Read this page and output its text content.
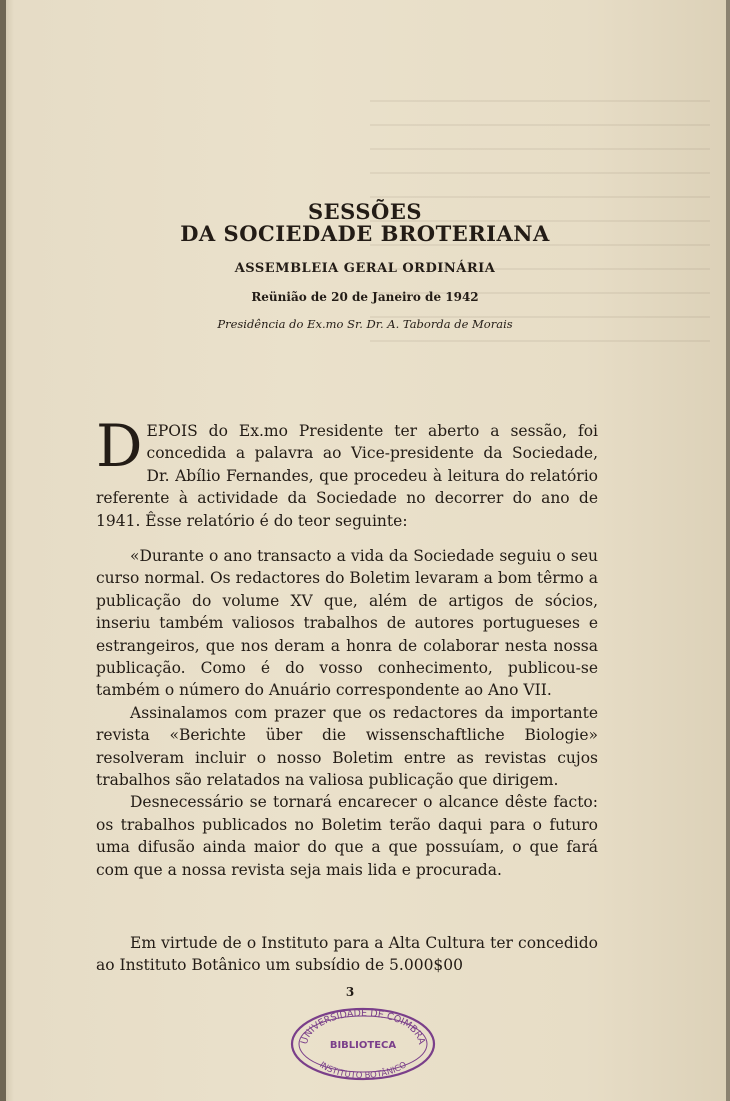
SESSÕES
DA SOCIEDADE BROTERIANA
ASSEMBLEIA GERAL ORDINÁRIA
Reünião de 20 de Janeiro de 1942
Presidência do Ex.mo Sr. Dr. A. Taborda de Morais
D EPOIS do Ex.mo Presidente ter aberto a sessão, foi concedida a palavra ao Vice-presidente da Sociedade, Dr. Abílio Fernandes, que procedeu à leitura do relatório referente à actividade da Sociedade no decorrer do ano de 1941. Êsse relatório é do teor seguinte:

«Durante o ano transacto a vida da Sociedade seguiu o seu curso normal. Os redactores do Boletim levaram a bom têrmo a publicação do volume XV que, além de artigos de sócios, inseriu também valiosos trabalhos de autores portugueses e estrangeiros, que nos deram a honra de colaborar nesta nossa publicação. Como é do vosso conhecimento, publicou-se também o número do Anuário correspondente ao Ano VII.

Assinalamos com prazer que os redactores da importante revista «Berichte über die wissenschaftliche Biologie» resolveram incluir o nosso Boletim entre as revistas cujos trabalhos são relatados na valiosa publicação que dirigem.

Desnecessário se tornará encarecer o alcance dêste facto: os trabalhos publicados no Boletim terão daqui para o futuro uma difusão ainda maior do que a que possuíam, o que fará com que a nossa revista seja mais lida e procurada.

Em virtude de o Instituto para a Alta Cultura ter concedido ao Instituto Botânico um subsídio de 5.000$00

3
UNIVERSIDADE DE COIMBRA
BIBLIOTECA
INSTITUTO BOTÂNICO
